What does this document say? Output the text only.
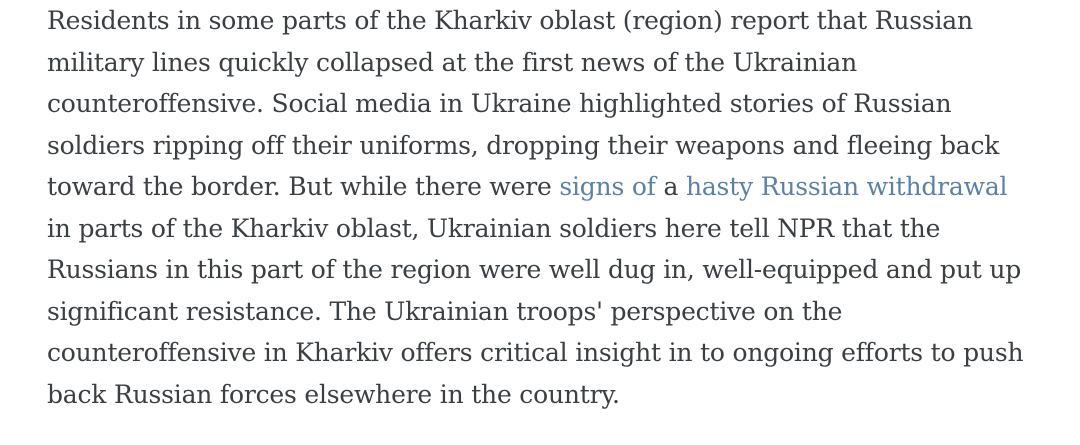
Residents in some parts of the Kharkiv oblast (region) report that Russian
military lines quickly collapsed at the first news of the Ukrainian
counteroffensive. Social media in Ukraine highlighted stories of Russian
soldiers ripping off their uniforms, dropping their weapons and fleeing back
toward the border. But while there were signs of a hasty Russian withdrawal
in parts of the Kharkiv oblast, Ukrainian soldiers here tell NPR that the
Russians in this part of the region were well dug in, well-equipped and put up
significant resistance. The Ukrainian troops' perspective on the
counteroffensive in Kharkiv offers critical insight in to ongoing efforts to push
back Russian forces elsewhere in the country.
